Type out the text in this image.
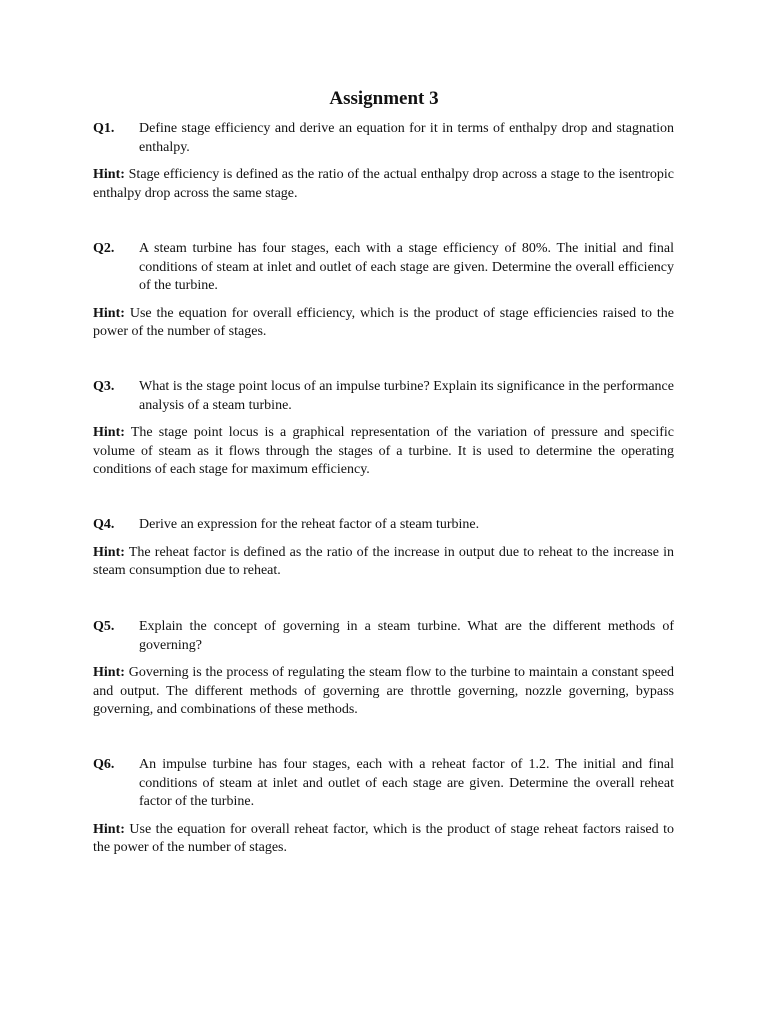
Assignment 3
Q1. Define stage efficiency and derive an equation for it in terms of enthalpy drop and stagnation enthalpy.
Hint: Stage efficiency is defined as the ratio of the actual enthalpy drop across a stage to the isentropic enthalpy drop across the same stage.
Q2. A steam turbine has four stages, each with a stage efficiency of 80%. The initial and final conditions of steam at inlet and outlet of each stage are given. Determine the overall efficiency of the turbine.
Hint: Use the equation for overall efficiency, which is the product of stage efficiencies raised to the power of the number of stages.
Q3. What is the stage point locus of an impulse turbine? Explain its significance in the performance analysis of a steam turbine.
Hint: The stage point locus is a graphical representation of the variation of pressure and specific volume of steam as it flows through the stages of a turbine. It is used to determine the operating conditions of each stage for maximum efficiency.
Q4. Derive an expression for the reheat factor of a steam turbine.
Hint: The reheat factor is defined as the ratio of the increase in output due to reheat to the increase in steam consumption due to reheat.
Q5. Explain the concept of governing in a steam turbine. What are the different methods of governing?
Hint: Governing is the process of regulating the steam flow to the turbine to maintain a constant speed and output. The different methods of governing are throttle governing, nozzle governing, bypass governing, and combinations of these methods.
Q6. An impulse turbine has four stages, each with a reheat factor of 1.2. The initial and final conditions of steam at inlet and outlet of each stage are given. Determine the overall reheat factor of the turbine.
Hint: Use the equation for overall reheat factor, which is the product of stage reheat factors raised to the power of the number of stages.
